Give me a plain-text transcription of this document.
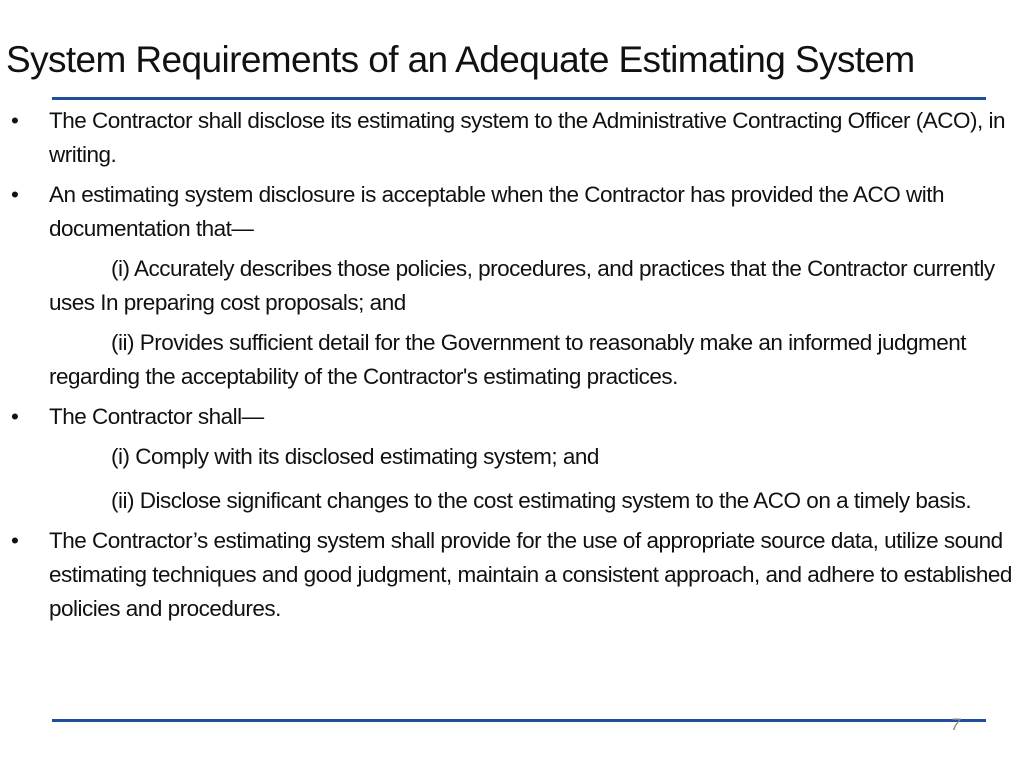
System Requirements of an Adequate Estimating System

• The Contractor shall disclose its estimating system to the Administrative Contracting Officer (ACO), in writing.

• An estimating system disclosure is acceptable when the Contractor has provided the ACO with documentation that—

(i) Accurately describes those policies, procedures, and practices that the Contractor currently uses In preparing cost proposals; and

(ii) Provides sufficient detail for the Government to reasonably make an informed judgment regarding the acceptability of the Contractor's estimating practices.

• The Contractor shall—

(i) Comply with its disclosed estimating system; and

(ii) Disclose significant changes to the cost estimating system to the ACO on a timely basis.

• The Contractor’s estimating system shall provide for the use of appropriate source data, utilize sound estimating techniques and good judgment, maintain a consistent approach, and adhere to established policies and procedures.

7
